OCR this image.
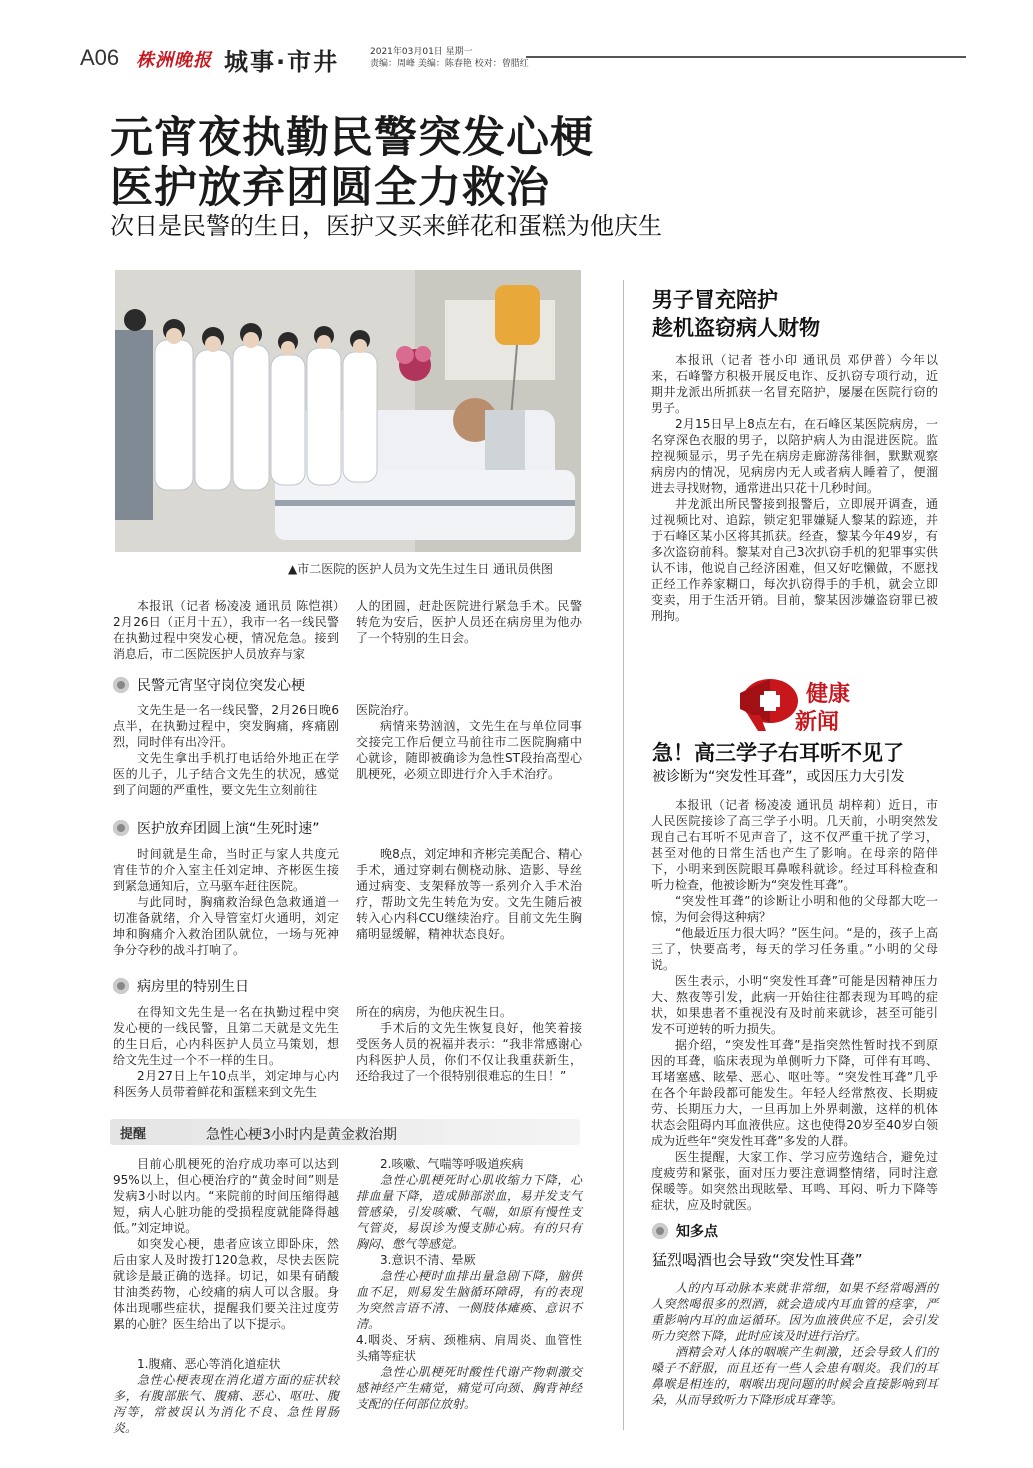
A06 株洲晚报 城事·市井	2021年03月01日 星期一
责编：周峰 美编：陈春艳 校对：曾腊红
元宵夜执勤民警突发心梗
医护放弃团圆全力救治
次日是民警的生日，医护又买来鲜花和蛋糕为他庆生
▲市二医院的医护人员为文先生过生日 通讯员供图

本报讯（记者 杨凌凌 通讯员 陈恺祺）2月26日（正月十五），我市一名一线民警在执勤过程中突发心梗，情况危急。接到消息后，市二医院医护人员放弃与家

人的团圆，赶赴医院进行紧急手术。民警转危为安后，医护人员还在病房里为他办了一个特别的生日会。

民警元宵坚守岗位突发心梗

文先生是一名一线民警，2月26日晚6点半，在执勤过程中，突发胸痛，疼痛剧烈，同时伴有出冷汗。

文先生拿出手机打电话给外地正在学医的儿子，儿子结合文先生的状况，感觉到了问题的严重性，要文先生立刻前往

医院治疗。

病情来势汹汹，文先生在与单位同事交接完工作后便立马前往市二医院胸痛中心就诊，随即被确诊为急性ST段抬高型心肌梗死，必须立即进行介入手术治疗。

医护放弃团圆上演“生死时速”

时间就是生命，当时正与家人共度元宵佳节的介入室主任刘定坤、齐彬医生接到紧急通知后，立马驱车赶往医院。

与此同时，胸痛救治绿色急救通道一切准备就绪，介入导管室灯火通明，刘定坤和胸痛介入救治团队就位，一场与死神争分夺秒的战斗打响了。

晚8点，刘定坤和齐彬完美配合、精心手术，通过穿刺右侧桡动脉、造影、导丝通过病变、支架释放等一系列介入手术治疗，帮助文先生转危为安。文先生随后被转入心内科CCU继续治疗。目前文先生胸痛明显缓解，精神状态良好。

病房里的特别生日

在得知文先生是一名在执勤过程中突发心梗的一线民警，且第二天就是文先生的生日后，心内科医护人员立马策划，想给文先生过一个不一样的生日。

2月27日上午10点半，刘定坤与心内科医务人员带着鲜花和蛋糕来到文先生

所在的病房，为他庆祝生日。

手术后的文先生恢复良好，他笑着接受医务人员的祝福并表示：“我非常感谢心内科医护人员，你们不仅让我重获新生，还给我过了一个很特别很难忘的生日！”

提醒	急性心梗3小时内是黄金救治期

目前心肌梗死的治疗成功率可以达到95%以上，但心梗治疗的“黄金时间”则是发病3小时以内。“来院前的时间压缩得越短，病人心脏功能的受损程度就能降得越低。”刘定坤说。

如突发心梗，患者应该立即卧床，然后由家人及时拨打120急救，尽快去医院就诊是最正确的选择。切记，如果有硝酸甘油类药物，心绞痛的病人可以含服。身体出现哪些症状，提醒我们要关注过度劳累的心脏？医生给出了以下提示。

1.腹痛、恶心等消化道症状

急性心梗表现在消化道方面的症状较多，有腹部胀气、腹痛、恶心、呕吐、腹泻等，常被误认为消化不良、急性胃肠炎。

2.咳嗽、气喘等呼吸道疾病

急性心肌梗死时心肌收缩力下降，心排血量下降，造成肺部淤血，易并发支气管感染，引发咳嗽、气喘，如原有慢性支气管炎，易误诊为慢支肺心病。有的只有胸闷、憋气等感觉。

3.意识不清、晕厥

急性心梗时血排出量急剧下降，脑供血不足，则易发生脑循环障碍，有的表现为突然言语不清、一侧肢体瘫痪、意识不清。

4.咽炎、牙病、颈椎病、肩周炎、血管性头痛等症状

急性心肌梗死时酸性代谢产物刺激交感神经产生痛觉，痛觉可向颈、胸背神经支配的任何部位放射。

男子冒充陪护
趁机盗窃病人财物

本报讯（记者 苍小印 通讯员 邓伊普）今年以来，石峰警方积极开展反电诈、反扒窃专项行动，近期井龙派出所抓获一名冒充陪护，屡屡在医院行窃的男子。

2月15日早上8点左右，在石峰区某医院病房，一名穿深色衣服的男子，以陪护病人为由混进医院。监控视频显示，男子先在病房走廊游荡徘徊，默默观察病房内的情况，见病房内无人或者病人睡着了，便溜进去寻找财物，通常进出只花十几秒时间。

井龙派出所民警接到报警后，立即展开调查，通过视频比对、追踪，锁定犯罪嫌疑人黎某的踪迹，并于石峰区某小区将其抓获。经查，黎某今年49岁，有多次盗窃前科。黎某对自己3次扒窃手机的犯罪事实供认不讳，他说自己经济困难，但又好吃懒做，不愿找正经工作养家糊口，每次扒窃得手的手机，就会立即变卖，用于生活开销。目前，黎某因涉嫌盗窃罪已被刑拘。

健康
新闻
急！高三学子右耳听不见了
被诊断为“突发性耳聋”，或因压力大引发

本报讯（记者 杨凌凌 通讯员 胡梓莉）近日，市人民医院接诊了高三学子小明。几天前，小明突然发现自己右耳听不见声音了，这不仅严重干扰了学习，甚至对他的日常生活也产生了影响。在母亲的陪伴下，小明来到医院眼耳鼻喉科就诊。经过耳科检查和听力检查，他被诊断为“突发性耳聋”。

“突发性耳聋”的诊断让小明和他的父母都大吃一惊，为何会得这种病？

“他最近压力很大吗？”医生问。“是的，孩子上高三了，快要高考，每天的学习任务重。”小明的父母说。

医生表示，小明“突发性耳聋”可能是因精神压力大、熬夜等引发，此病一开始往往都表现为耳鸣的症状，如果患者不重视没有及时前来就诊，甚至可能引发不可逆转的听力损失。

据介绍，“突发性耳聋”是指突然性暂时找不到原因的耳聋，临床表现为单侧听力下降，可伴有耳鸣、耳堵塞感、眩晕、恶心、呕吐等。“突发性耳聋”几乎在各个年龄段都可能发生。年轻人经常熬夜、长期疲劳、长期压力大，一旦再加上外界刺激，这样的机体状态会阻碍内耳血液供应。这也使得20岁至40岁白领成为近些年“突发性耳聋”多发的人群。

医生提醒，大家工作、学习应劳逸结合，避免过度疲劳和紧张，面对压力要注意调整情绪，同时注意保暖等。如突然出现眩晕、耳鸣、耳闷、听力下降等症状，应及时就医。

知多点
猛烈喝酒也会导致“突发性耳聋”

人的内耳动脉本来就非常细，如果不经常喝酒的人突然喝很多的烈酒，就会造成内耳血管的痉挛，严重影响内耳的血运循环。因为血液供应不足，会引发听力突然下降，此时应该及时进行治疗。

酒精会对人体的咽喉产生刺激，还会导致人们的嗓子不舒服，而且还有一些人会患有咽炎。我们的耳鼻喉是相连的，咽喉出现问题的时候会直接影响到耳朵，从而导致听力下降形成耳聋等。
